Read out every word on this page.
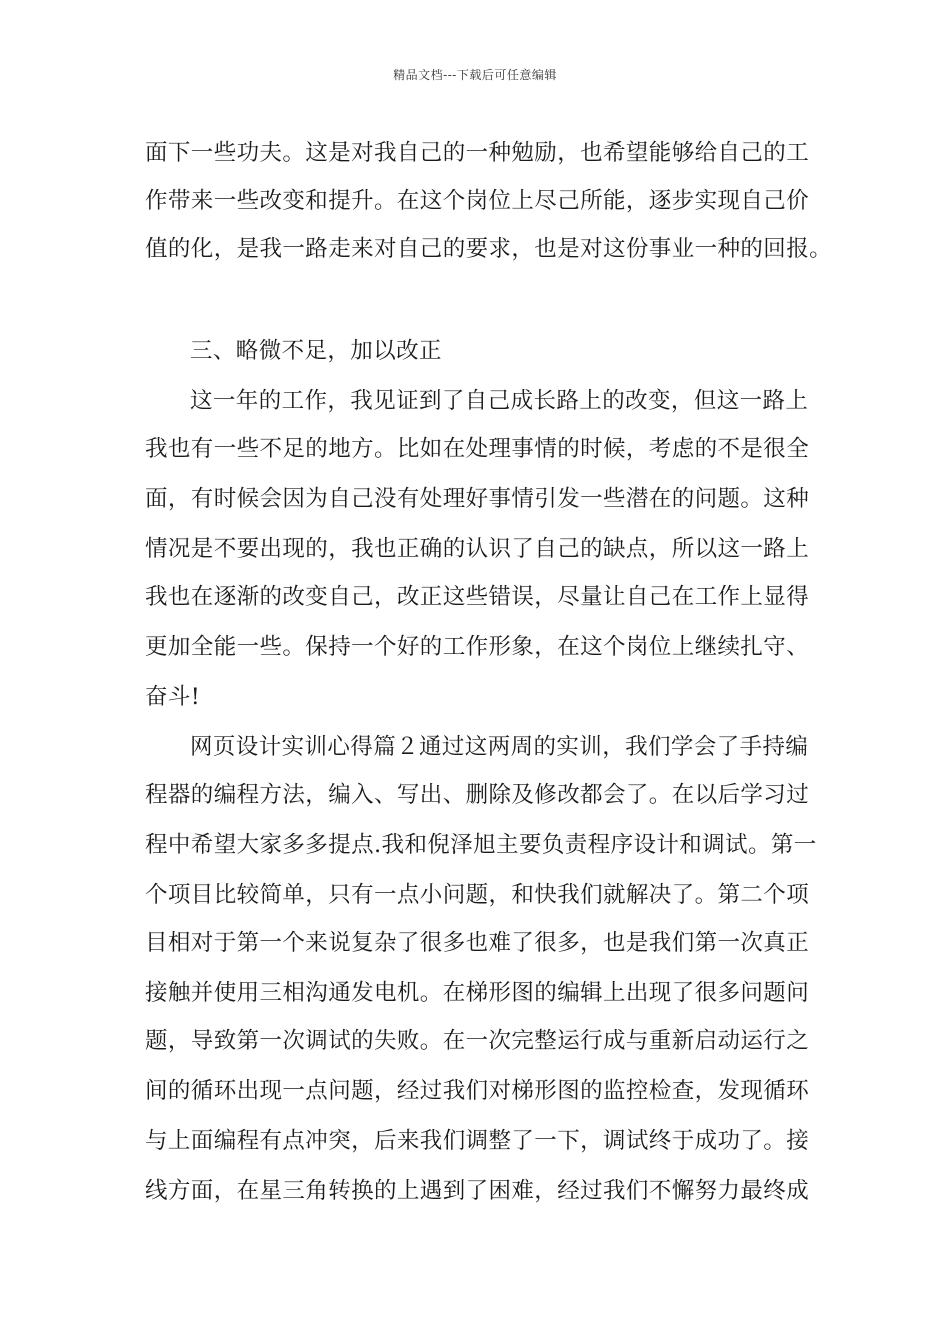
精品文档---下载后可任意编辑
面下一些功夫。这是对我自己的一种勉励，也希望能够给自己的工
作带来一些改变和提升。在这个岗位上尽己所能，逐步实现自己价
值的化，是我一路走来对自己的要求，也是对这份事业一种的回报。
三、略微不足，加以改正
这一年的工作，我见证到了自己成长路上的改变，但这一路上
我也有一些不足的地方。比如在处理事情的时候，考虑的不是很全
面，有时候会因为自己没有处理好事情引发一些潜在的问题。这种
情况是不要出现的，我也正确的认识了自己的缺点，所以这一路上
我也在逐渐的改变自己，改正这些错误，尽量让自己在工作上显得
更加全能一些。保持一个好的工作形象，在这个岗位上继续扎守、
奋斗!
网页设计实训心得篇２通过这两周的实训，我们学会了手持编
程器的编程方法，编入、写出、删除及修改都会了。在以后学习过
程中希望大家多多提点.我和倪泽旭主要负责程序设计和调试。第一
个项目比较简单，只有一点小问题，和快我们就解决了。第二个项
目相对于第一个来说复杂了很多也难了很多，也是我们第一次真正
接触并使用三相沟通发电机。在梯形图的编辑上出现了很多问题问
题，导致第一次调试的失败。在一次完整运行成与重新启动运行之
间的循环出现一点问题，经过我们对梯形图的监控检查，发现循环
与上面编程有点冲突，后来我们调整了一下，调试终于成功了。接
线方面，在星三角转换的上遇到了困难，经过我们不懈努力最终成
